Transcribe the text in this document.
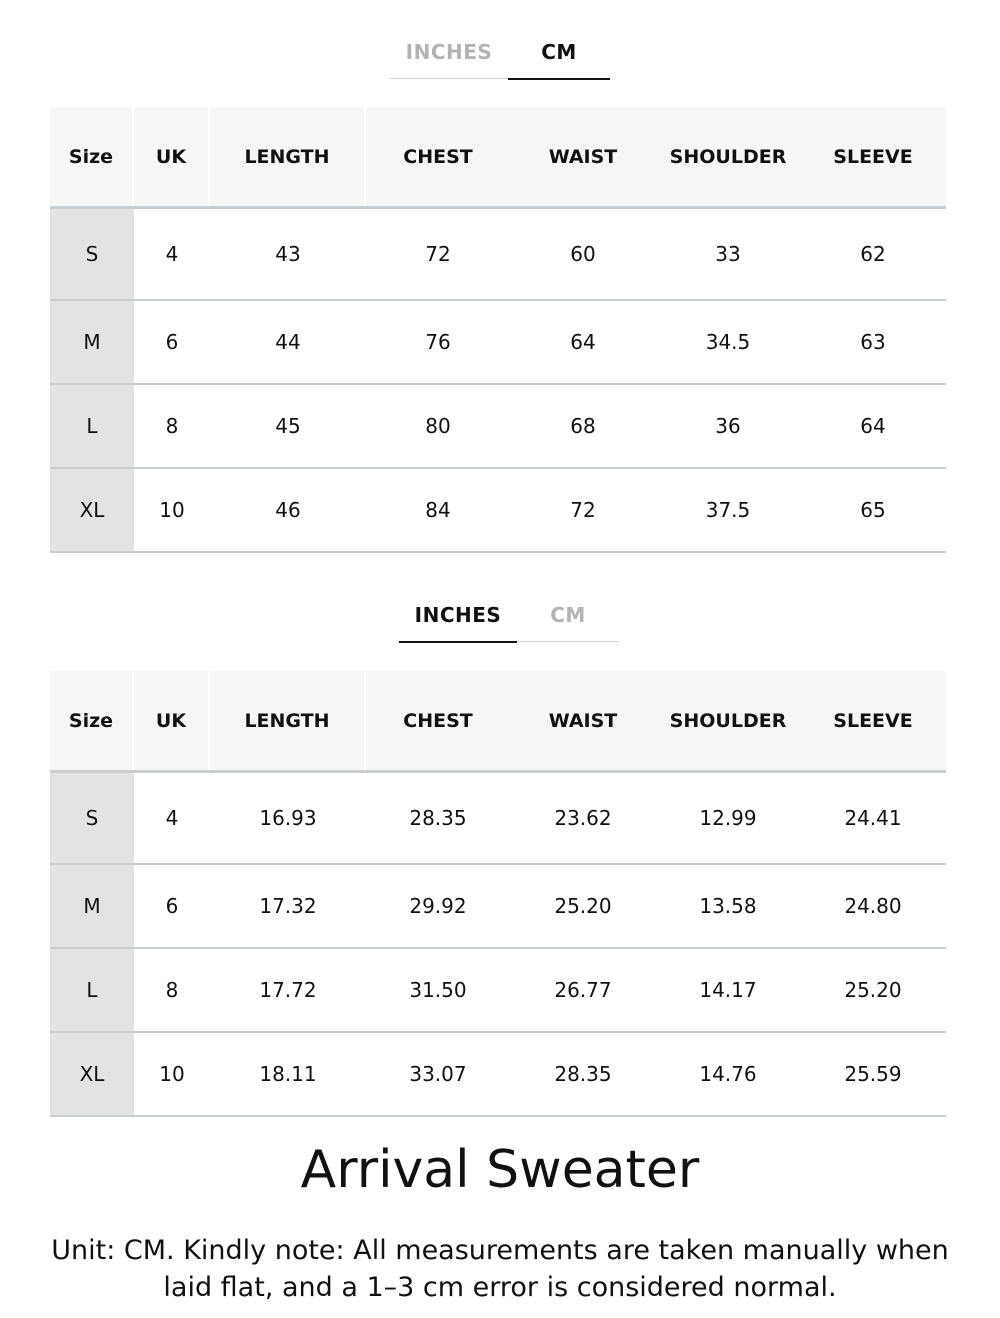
INCHES	CM
Size	UK	LENGTH	CHEST	WAIST	SHOULDER	SLEEVE
S	4	43	72	60	33	62
M	6	44	76	64	34.5	63
L	8	45	80	68	36	64
XL	10	46	84	72	37.5	65
INCHES	CM
Size	UK	LENGTH	CHEST	WAIST	SHOULDER	SLEEVE
S	4	16.93	28.35	23.62	12.99	24.41
M	6	17.32	29.92	25.20	13.58	24.80
L	8	17.72	31.50	26.77	14.17	25.20
XL	10	18.11	33.07	28.35	14.76	25.59
Arrival Sweater
Unit: CM. Kindly note: All measurements are taken manually when laid flat, and a 1–3 cm error is considered normal.
